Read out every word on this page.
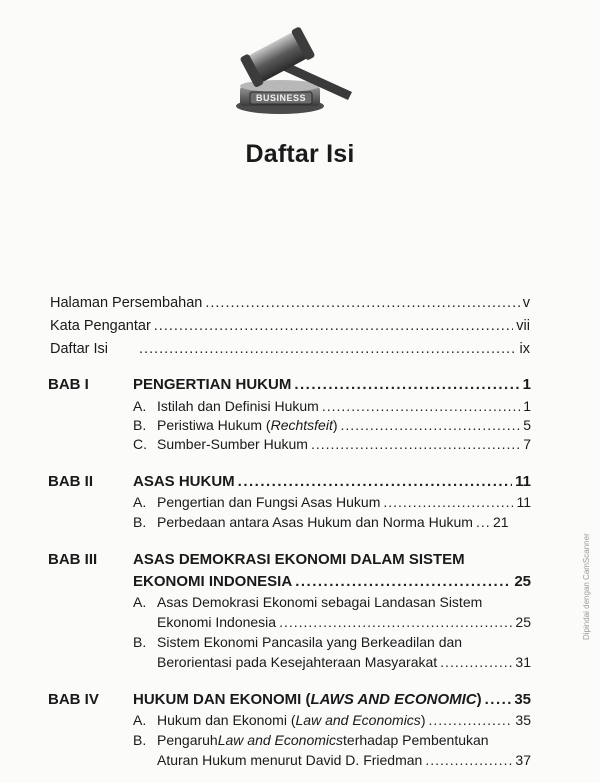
BUSINESS
Daftar Isi
Halaman Persembahan .....	v
Kata Pengantar .....	vii
Daftar Isi .....	ix
BAB I	PENGERTIAN HUKUM .....	1
A. Istilah dan Definisi Hukum .....	1
B. Peristiwa Hukum ( Rechtsfeit ) .....	5
C. Sumber-Sumber Hukum .....	7
BAB II	ASAS HUKUM .....	11
A. Pengertian dan Fungsi Asas Hukum .....	11
B. Perbedaan antara Asas Hukum dan Norma Hukum ..... 21
BAB III ASAS DEMOKRASI EKONOMI DALAM SISTEM
EKONOMI INDONESIA .....	25
A. Asas Demokrasi Ekonomi sebagai Landasan Sistem
Ekonomi Indonesia .....	25
B. Sistem Ekonomi Pancasila yang Berkeadilan dan
Berorientasi pada Kesejahteraan Masyarakat .....	31
BAB IV HUKUM DAN EKONOMI ( LAWS AND ECONOMIC ) ..... 35
A. Hukum dan Ekonomi ( Law and Economics ) .....	35
B. Pengaruh Law and Economics terhadap Pembentukan
Aturan Hukum menurut David D. Friedman .....	37
Dipindai dengan CamScanner
